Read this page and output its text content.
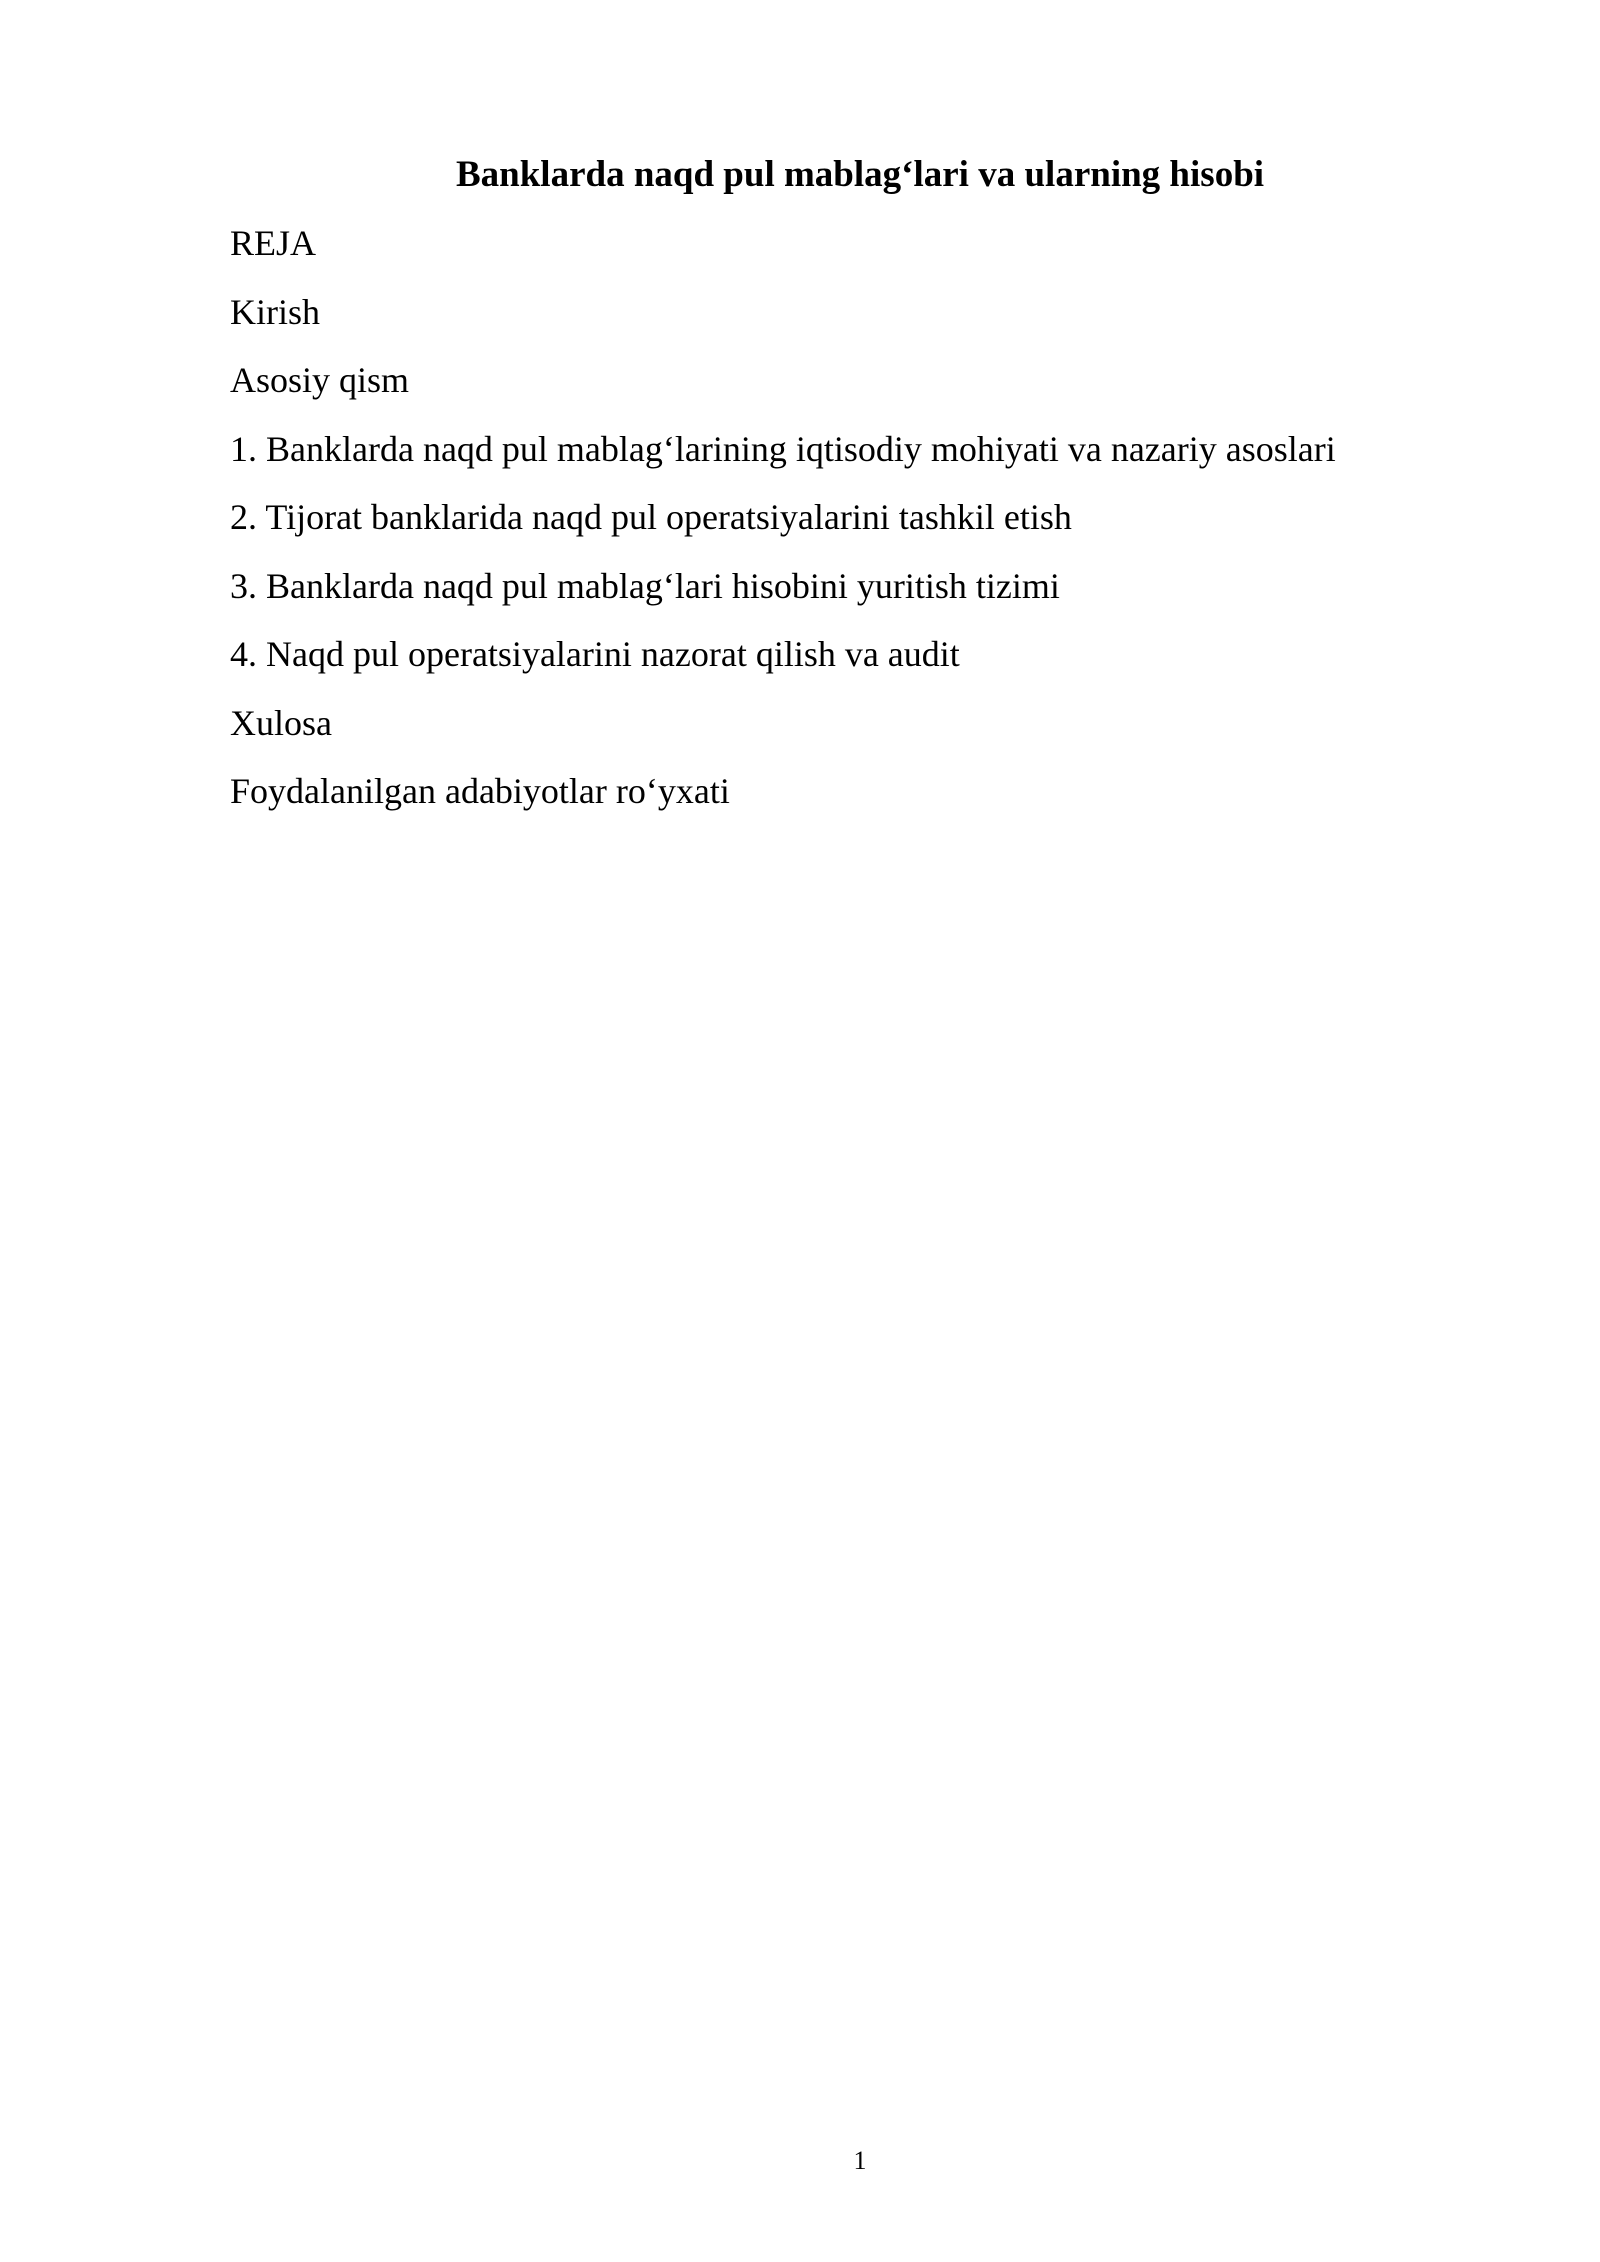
Banklarda naqd pul mablag‘lari va ularning hisobi
REJA
Kirish
Asosiy qism
1. Banklarda naqd pul mablag‘larining iqtisodiy mohiyati va nazariy asoslari
2. Tijorat banklarida naqd pul operatsiyalarini tashkil etish
3. Banklarda naqd pul mablag‘lari hisobini yuritish tizimi
4. Naqd pul operatsiyalarini nazorat qilish va audit
Xulosa
Foydalanilgan adabiyotlar ro‘yxati
1
